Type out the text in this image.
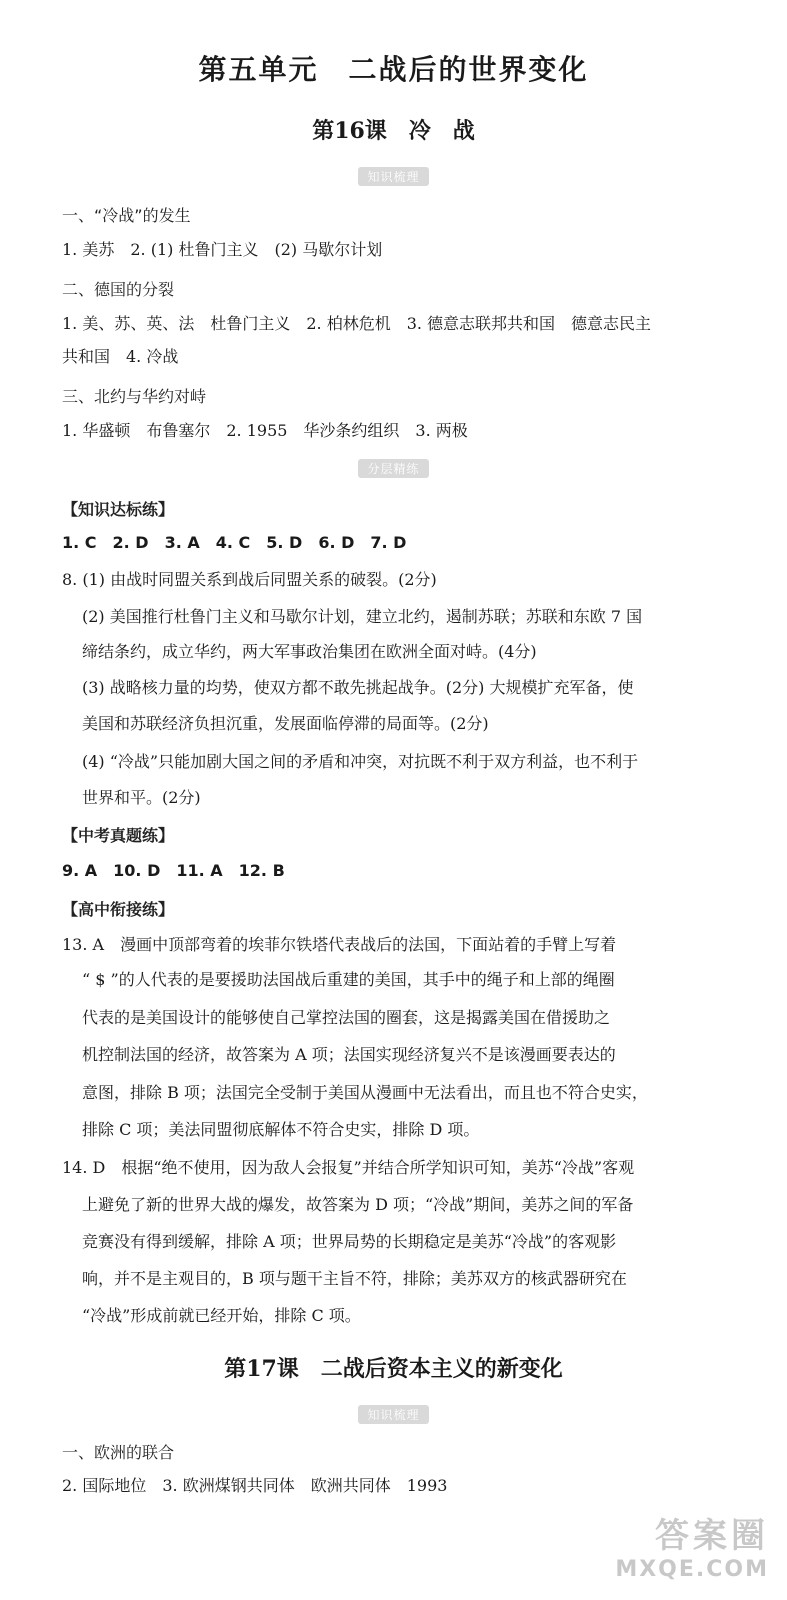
第五单元　二战后的世界变化
第16课　冷　战
知识梳理
一、“冷战”的发生
1. 美苏　2. (1) 杜鲁门主义　(2) 马歇尔计划
二、德国的分裂
1. 美、苏、英、法　杜鲁门主义　2. 柏林危机　3. 德意志联邦共和国　德意志民主
共和国　4. 冷战
三、北约与华约对峙
1. 华盛顿　布鲁塞尔　2. 1955　华沙条约组织　3. 两极
分层精练
【知识达标练】
1. C　2. D　3. A　4. C　5. D　6. D　7. D
8. (1) 由战时同盟关系到战后同盟关系的破裂。(2分)
(2) 美国推行杜鲁门主义和马歇尔计划，建立北约，遏制苏联；苏联和东欧 7 国
缔结条约，成立华约，两大军事政治集团在欧洲全面对峙。(4分)
(3) 战略核力量的均势，使双方都不敢先挑起战争。(2分) 大规模扩充军备，使
美国和苏联经济负担沉重，发展面临停滞的局面等。(2分)
(4) “冷战”只能加剧大国之间的矛盾和冲突，对抗既不利于双方利益，也不利于
世界和平。(2分)
【中考真题练】
9. A　10. D　11. A　12. B
【高中衔接练】
13. A　漫画中顶部弯着的埃菲尔铁塔代表战后的法国，下面站着的手臂上写着
“ $ ”的人代表的是要援助法国战后重建的美国，其手中的绳子和上部的绳圈
代表的是美国设计的能够使自己掌控法国的圈套，这是揭露美国在借援助之
机控制法国的经济，故答案为 A 项；法国实现经济复兴不是该漫画要表达的
意图，排除 B 项；法国完全受制于美国从漫画中无法看出，而且也不符合史实，
排除 C 项；美法同盟彻底解体不符合史实，排除 D 项。
14. D　根据“绝不使用，因为敌人会报复”并结合所学知识可知，美苏“冷战”客观
上避免了新的世界大战的爆发，故答案为 D 项；“冷战”期间，美苏之间的军备
竞赛没有得到缓解，排除 A 项；世界局势的长期稳定是美苏“冷战”的客观影
响，并不是主观目的，B 项与题干主旨不符，排除；美苏双方的核武器研究在
“冷战”形成前就已经开始，排除 C 项。
第17课　二战后资本主义的新变化
知识梳理
一、欧洲的联合
2. 国际地位　3. 欧洲煤钢共同体　欧洲共同体　1993
答案圈
MXQE.COM
